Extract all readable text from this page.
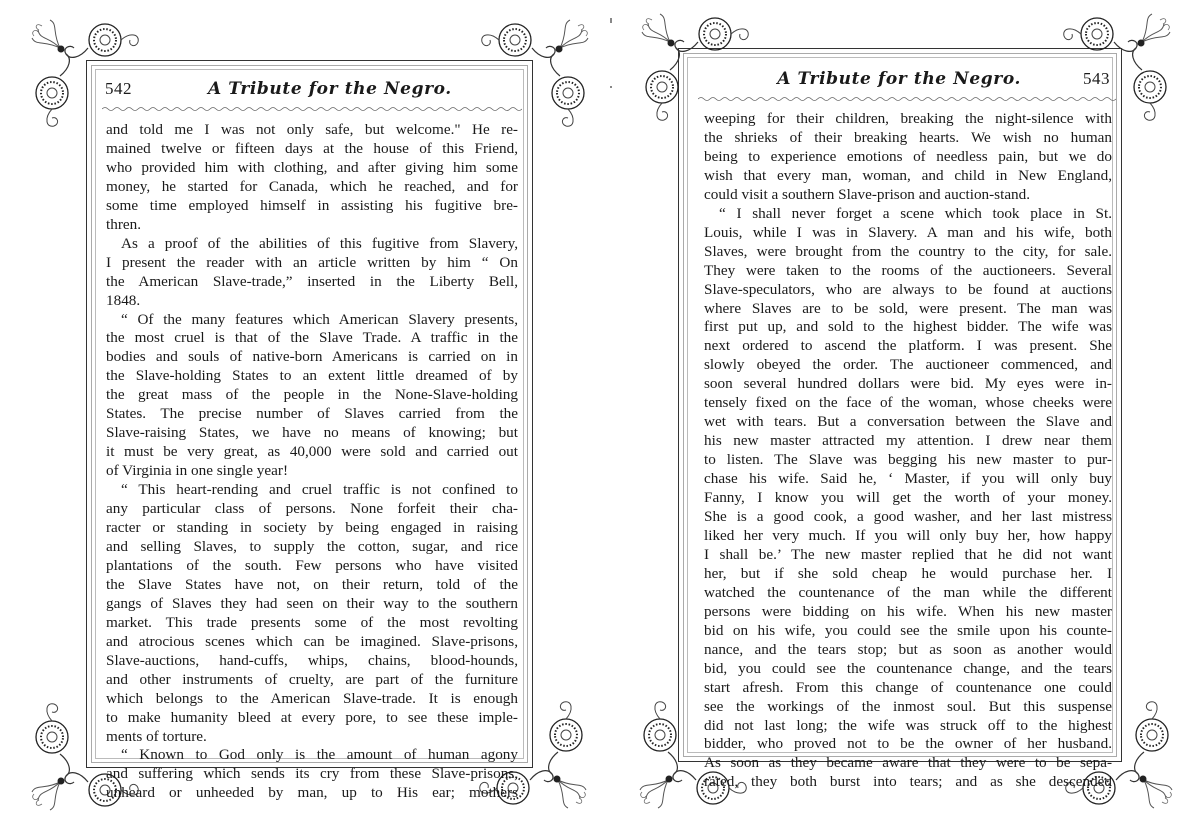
542	A Tribute for the Negro.
and told me I was not only safe, but welcome." He re-
mained twelve or fifteen days at the house of this Friend,
who provided him with clothing, and after giving him some
money, he started for Canada, which he reached, and for
some time employed himself in assisting his fugitive bre-
thren.
As a proof of the abilities of this fugitive from Slavery,
I present the reader with an article written by him “ On
the American Slave-trade,” inserted in the Liberty Bell,
1848.
“ Of the many features which American Slavery presents,
the most cruel is that of the Slave Trade. A traffic in the
bodies and souls of native-born Americans is carried on in
the Slave-holding States to an extent little dreamed of by
the great mass of the people in the None-Slave-holding
States. The precise number of Slaves carried from the
Slave-raising States, we have no means of knowing; but
it must be very great, as 40,000 were sold and carried out
of Virginia in one single year!
“ This heart-rending and cruel traffic is not confined to
any particular class of persons. None forfeit their cha-
racter or standing in society by being engaged in raising
and selling Slaves, to supply the cotton, sugar, and rice
plantations of the south. Few persons who have visited
the Slave States have not, on their return, told of the
gangs of Slaves they had seen on their way to the southern
market. This trade presents some of the most revolting
and atrocious scenes which can be imagined. Slave-prisons,
Slave-auctions, hand-cuffs, whips, chains, blood-hounds,
and other instruments of cruelty, are part of the furniture
which belongs to the American Slave-trade. It is enough
to make humanity bleed at every pore, to see these imple-
ments of torture.
“ Known to God only is the amount of human agony
and suffering which sends its cry from these Slave-prisons,
unheard or unheeded by man, up to His ear; mothers
A Tribute for the Negro.	543
weeping for their children, breaking the night-silence with
the shrieks of their breaking hearts. We wish no human
being to experience emotions of needless pain, but we do
wish that every man, woman, and child in New England,
could visit a southern Slave-prison and auction-stand.
“ I shall never forget a scene which took place in St.
Louis, while I was in Slavery. A man and his wife, both
Slaves, were brought from the country to the city, for sale.
They were taken to the rooms of the auctioneers. Several
Slave-speculators, who are always to be found at auctions
where Slaves are to be sold, were present. The man was
first put up, and sold to the highest bidder. The wife was
next ordered to ascend the platform. I was present. She
slowly obeyed the order. The auctioneer commenced, and
soon several hundred dollars were bid. My eyes were in-
tensely fixed on the face of the woman, whose cheeks were
wet with tears. But a conversation between the Slave and
his new master attracted my attention. I drew near them
to listen. The Slave was begging his new master to pur-
chase his wife. Said he, ‘ Master, if you will only buy
Fanny, I know you will get the worth of your money.
She is a good cook, a good washer, and her last mistress
liked her very much. If you will only buy her, how happy
I shall be.’ The new master replied that he did not want
her, but if she sold cheap he would purchase her. I
watched the countenance of the man while the different
persons were bidding on his wife. When his new master
bid on his wife, you could see the smile upon his counte-
nance, and the tears stop; but as soon as another would
bid, you could see the countenance change, and the tears
start afresh. From this change of countenance one could
see the workings of the inmost soul. But this suspense
did not last long; the wife was struck off to the highest
bidder, who proved not to be the owner of her husband.
As soon as they became aware that they were to be sepa-
rated, they both burst into tears; and as she descended
